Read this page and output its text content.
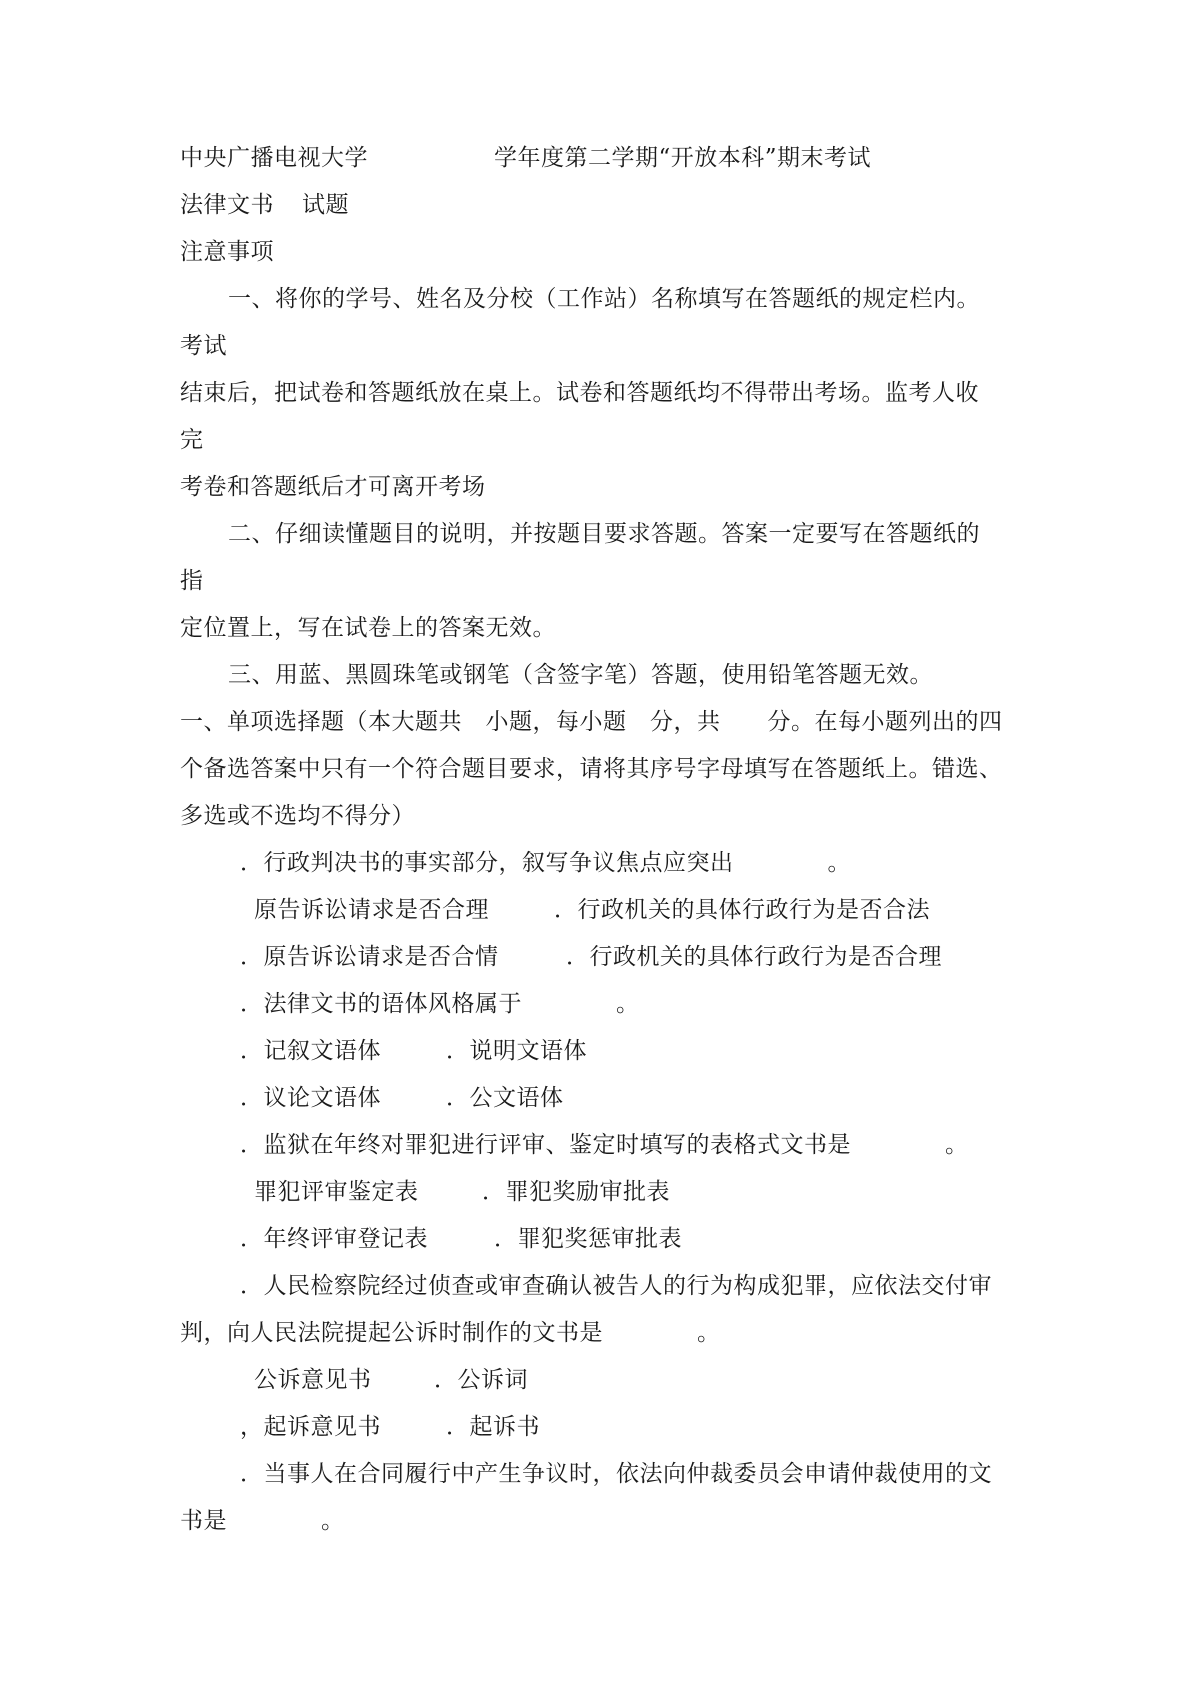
中央广播电视大学	学年度第二学期“开放本科”期末考试
法律文书 试题
注意事项
一、将你的学号、姓名及分校（工作站）名称填写在答题纸的规定栏内。
考试
结束后，把试卷和答题纸放在桌上。试卷和答题纸均不得带出考场。监考人收
完
考卷和答题纸后才可离开考场
二、仔细读懂题目的说明，并按题目要求答题。答案一定要写在答题纸的
指
定位置上，写在试卷上的答案无效。
三、用蓝、黑圆珠笔或钢笔（含签字笔）答题，使用铅笔答题无效。
一、单项选择题（本大题共　小题，每小题　分，共　　分。在每小题列出的四
个备选答案中只有一个符合题目要求，请将其序号字母填写在答题纸上。错选、
多选或不选均不得分）
．行政判决书的事实部分，叙写争议焦点应突出　　　　。
原告诉讼请求是否合理	．行政机关的具体行政行为是否合法
．原告诉讼请求是否合情	．行政机关的具体行政行为是否合理
．法律文书的语体风格属于　　　　。
．记叙文语体	．说明文语体
．议论文语体	．公文语体
．监狱在年终对罪犯进行评审、鉴定时填写的表格式文书是　　　　。
罪犯评审鉴定表	．罪犯奖励审批表
．年终评审登记表	．罪犯奖惩审批表
．人民检察院经过侦查或审查确认被告人的行为构成犯罪，应依法交付审
判，向人民法院提起公诉时制作的文书是　　　　。
公诉意见书	．公诉词
，起诉意见书	．起诉书
．当事人在合同履行中产生争议时，依法向仲裁委员会申请仲裁使用的文
书是　　　　。
